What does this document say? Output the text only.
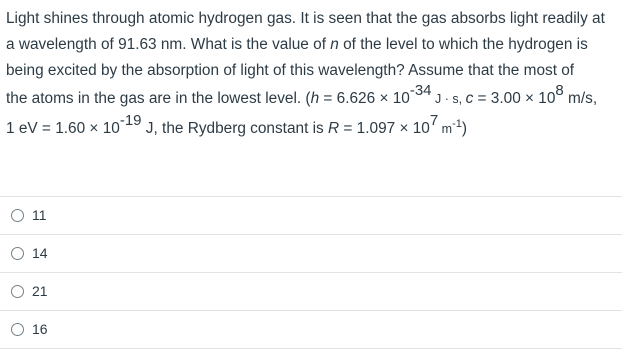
Light shines through atomic hydrogen gas. It is seen that the gas absorbs light readily at
a wavelength of 91.63 nm. What is the value of n of the level to which the hydrogen is
being excited by the absorption of light of this wavelength? Assume that the most of
the atoms in the gas are in the lowest level. ($h = 6.626 \times 10^{-34}$ J · s, $c = 3.00 \times 10^8$ m/s,
1 eV = $1.60 \times 10^{-19}$ J, the Rydberg constant is $R = 1.097 \times 10^7$ $m^{-1}$)
11
14
21
16
